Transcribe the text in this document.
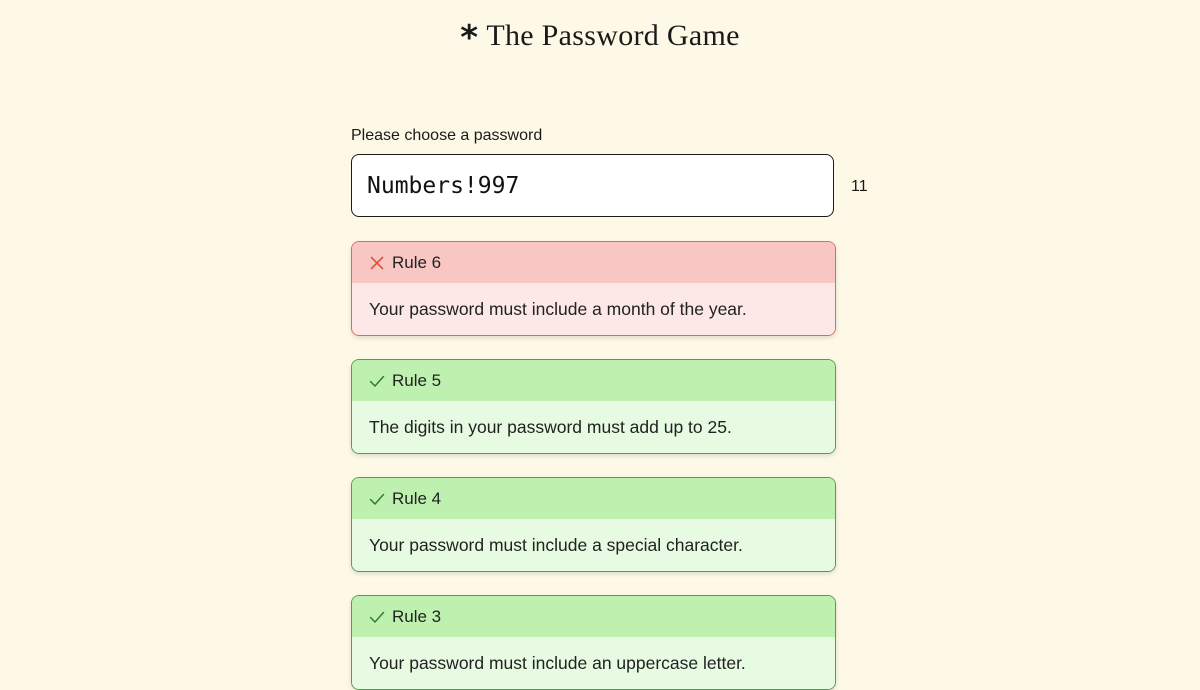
* The Password Game
Please choose a password
Numbers!997	11
Rule 6
Your password must include a month of the year.
Rule 5
The digits in your password must add up to 25.
Rule 4
Your password must include a special character.
Rule 3
Your password must include an uppercase letter.
